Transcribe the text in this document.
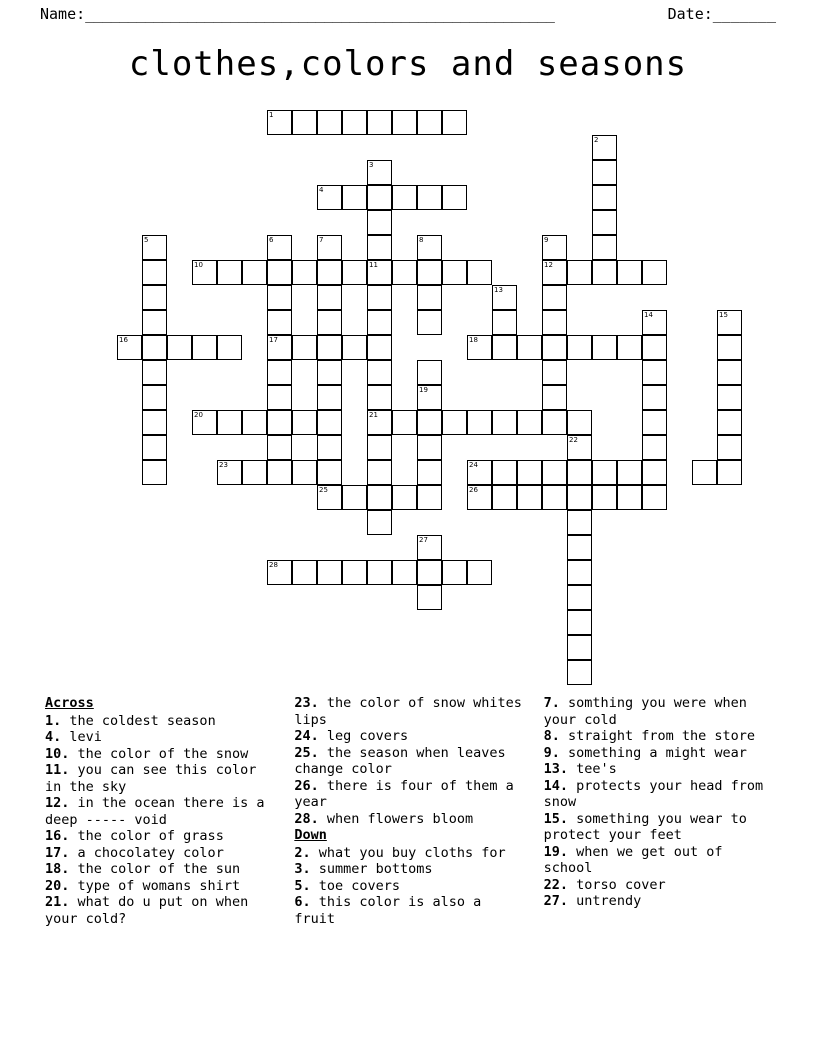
Name: _______________________________________________________	Date: _______
clothes,colors and seasons
1
2
3
4
5	6	7	8	9
10	11	12
13
14	15
16	17	18
19
20	21
22
23	24
25	26
27
28
Across
1. the coldest season
4. levi
10. the color of the snow
11. you can see this color in the sky
12. in the ocean there is a deep ----- void
16. the color of grass
17. a chocolatey color
18. the color of the sun
20. type of womans shirt
21. what do u put on when your cold?
23. the color of snow whites lips
24. leg covers
25. the season when leaves change color
26. there is four of them a year
28. when flowers bloom
Down
2. what you buy cloths for
3. summer bottoms
5. toe covers
6. this color is also a fruit
7. somthing you were when your cold
8. straight from the store
9. something a might wear
13. tee's
14. protects your head from snow
15. something you wear to protect your feet
19. when we get out of school
22. torso cover
27. untrendy
